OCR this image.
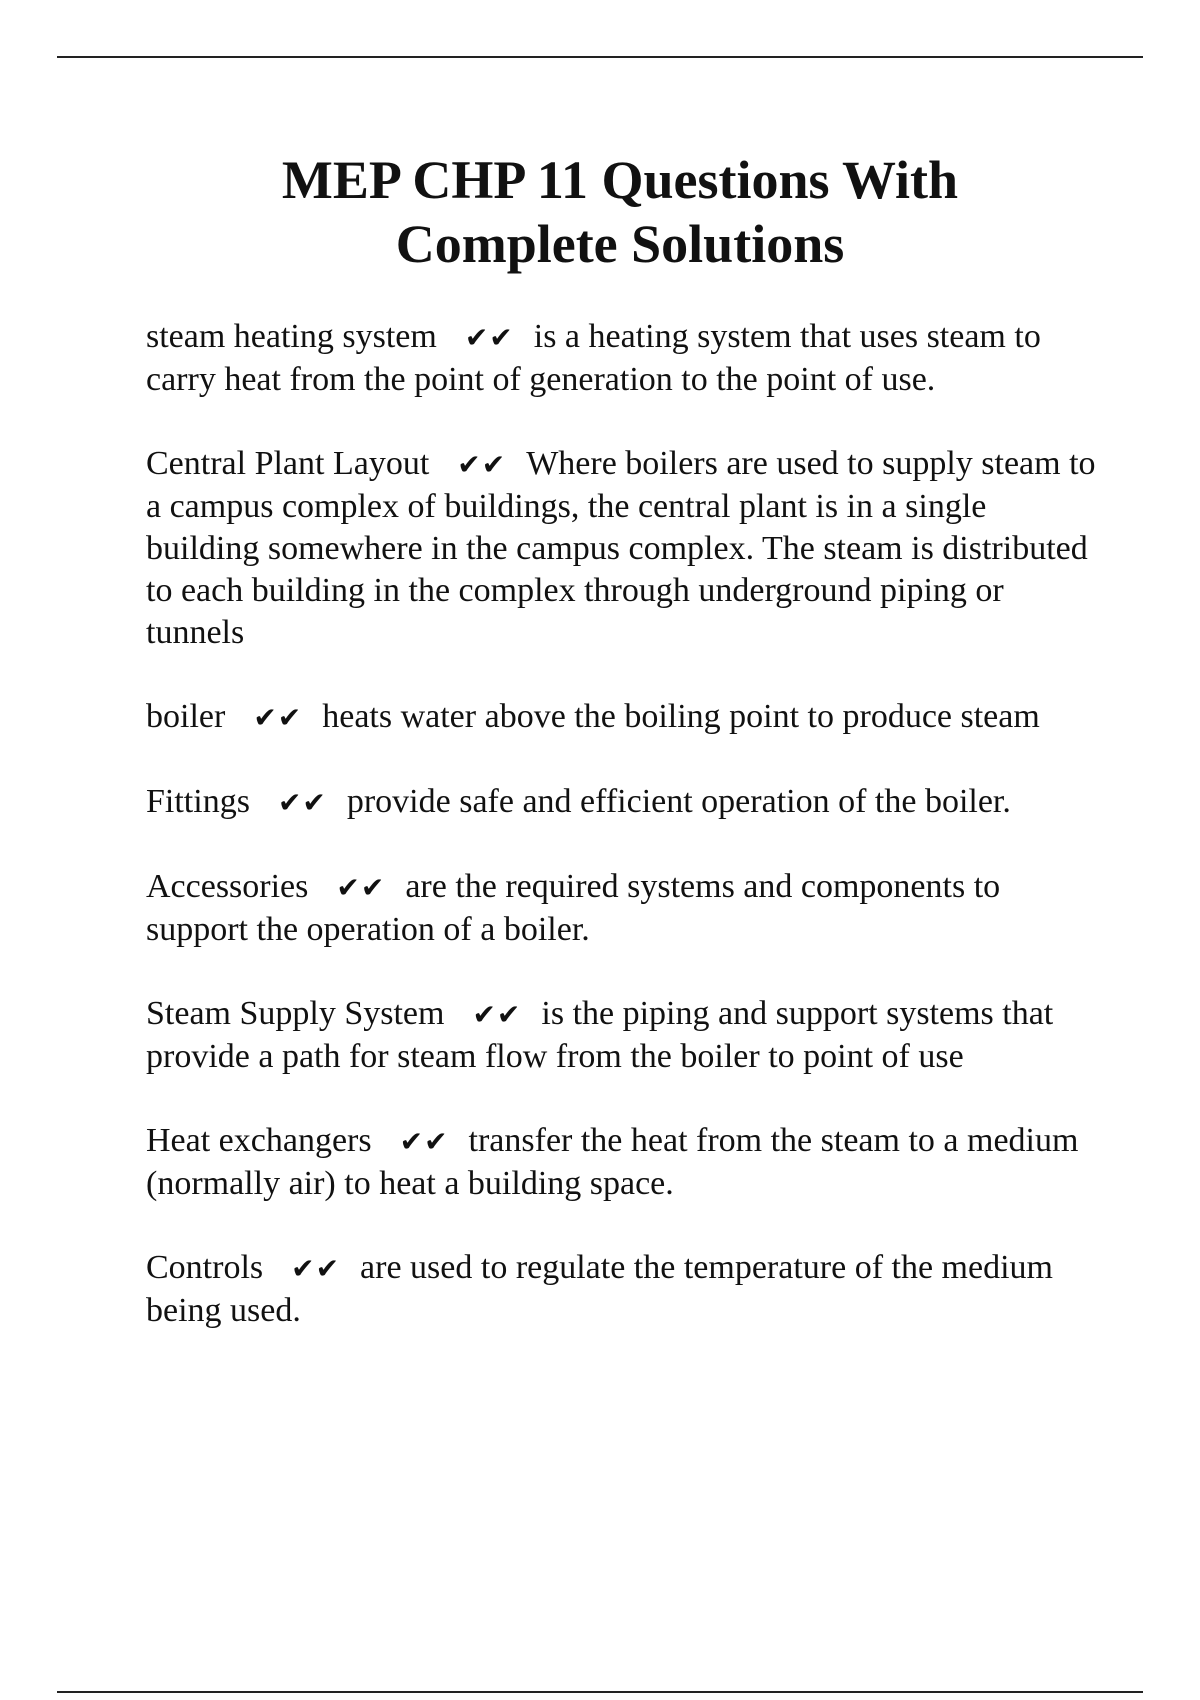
MEP CHP 11 Questions With
Complete Solutions

steam heating system ✔✔ is a heating system that uses steam to carry heat from the point of generation to the point of use.

Central Plant Layout ✔✔ Where boilers are used to supply steam to a campus complex of buildings, the central plant is in a single building somewhere in the campus complex. The steam is distributed to each building in the complex through underground piping or tunnels

boiler ✔✔ heats water above the boiling point to produce steam

Fittings ✔✔ provide safe and efficient operation of the boiler.

Accessories ✔✔ are the required systems and components to support the operation of a boiler.

Steam Supply System ✔✔ is the piping and support systems that provide a path for steam flow from the boiler to point of use

Heat exchangers ✔✔ transfer the heat from the steam to a medium (normally air) to heat a building space.

Controls ✔✔ are used to regulate the temperature of the medium being used.
